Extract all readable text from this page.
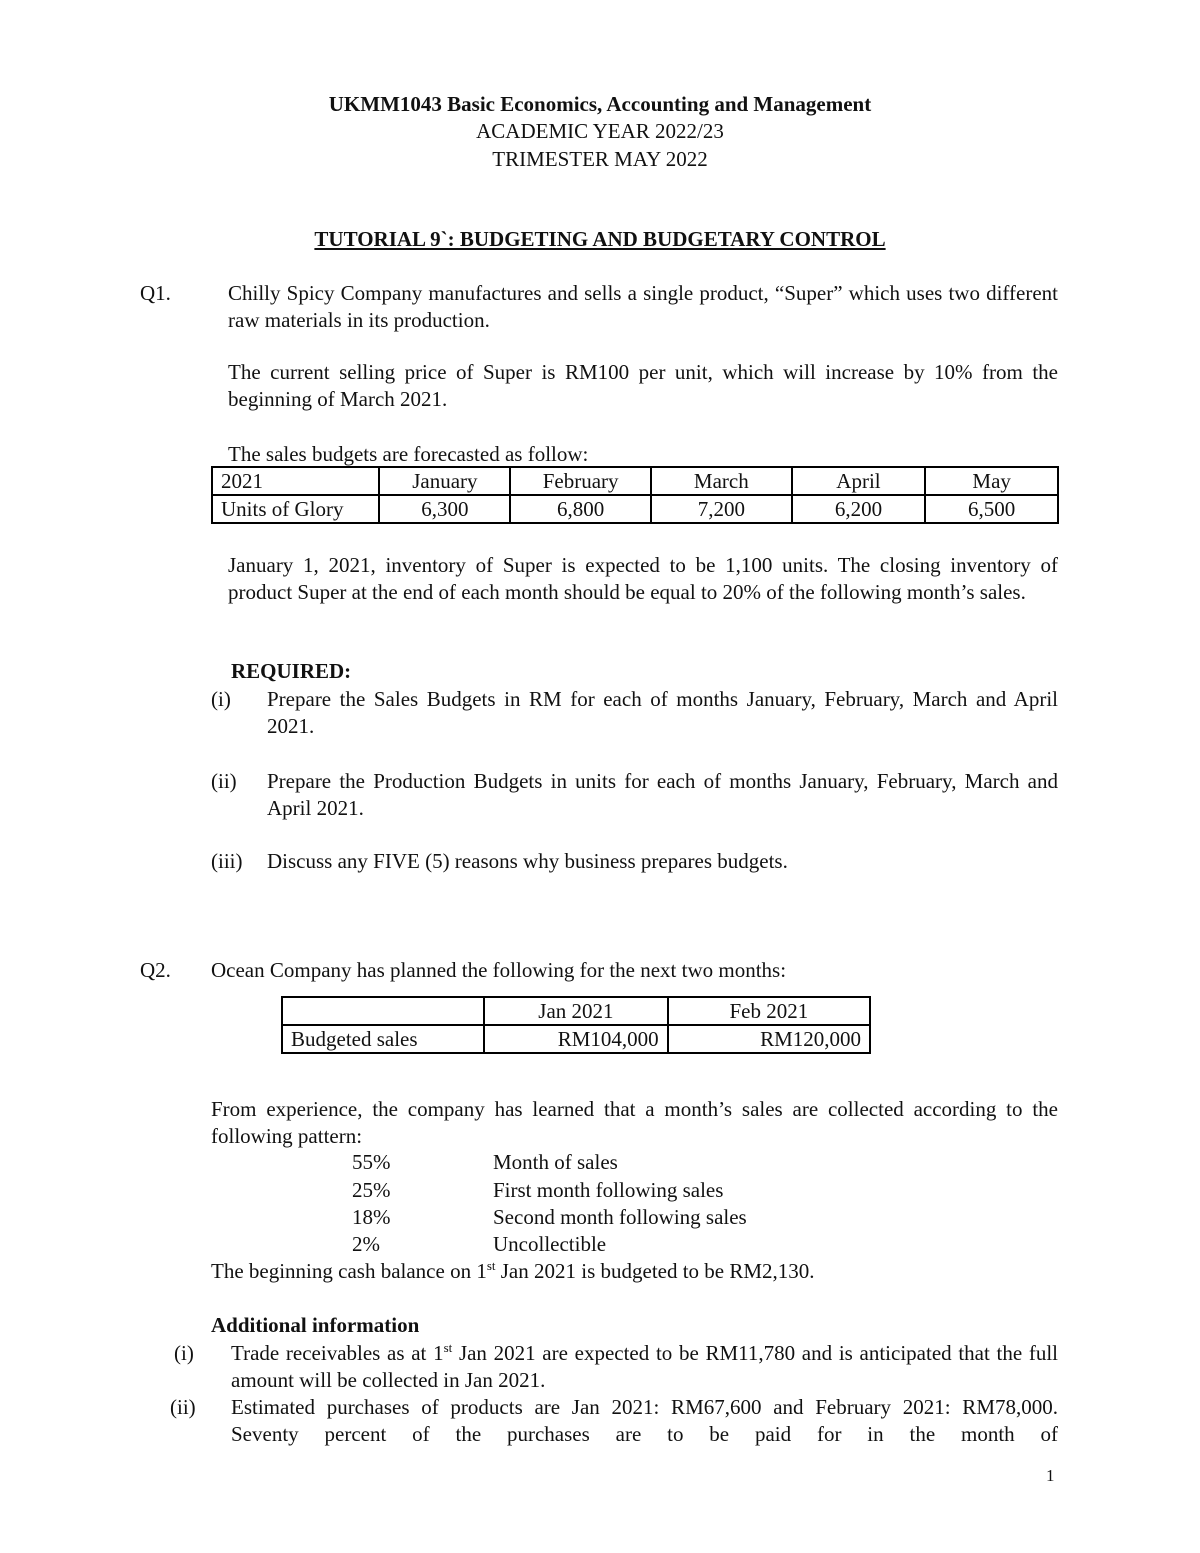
UKMM1043 Basic Economics, Accounting and Management
ACADEMIC YEAR 2022/23
TRIMESTER MAY 2022
TUTORIAL 9`: BUDGETING AND BUDGETARY CONTROL
Q1.	Chilly Spicy Company manufactures and sells a single product, “Super” which uses two different raw materials in its production.
The current selling price of Super is RM100 per unit, which will increase by 10% from the beginning of March 2021.
The sales budgets are forecasted as follow:
2021	January	February	March	April	May
Units of Glory	6,300	6,800	7,200	6,200	6,500
January 1, 2021, inventory of Super is expected to be 1,100 units. The closing inventory of product Super at the end of each month should be equal to 20% of the following month’s sales.
REQUIRED:
(i) Prepare the Sales Budgets in RM for each of months January, February, March and April 2021.
(ii) Prepare the Production Budgets in units for each of months January, February, March and April 2021.
(iii) Discuss any FIVE (5) reasons why business prepares budgets.
Q2. Ocean Company has planned the following for the next two months:
	Jan 2021	Feb 2021
Budgeted sales	RM104,000	RM120,000
From experience, the company has learned that a month’s sales are collected according to the following pattern:
55%	Month of sales
25%	First month following sales
18%	Second month following sales
2%	Uncollectible
The beginning cash balance on 1st Jan 2021 is budgeted to be RM2,130.
Additional information
(i) Trade receivables as at 1st Jan 2021 are expected to be RM11,780 and is anticipated that the full amount will be collected in Jan 2021.
(ii) Estimated purchases of products are Jan 2021: RM67,600 and February 2021: RM78,000. Seventy percent of the purchases are to be paid for in the month of
1
